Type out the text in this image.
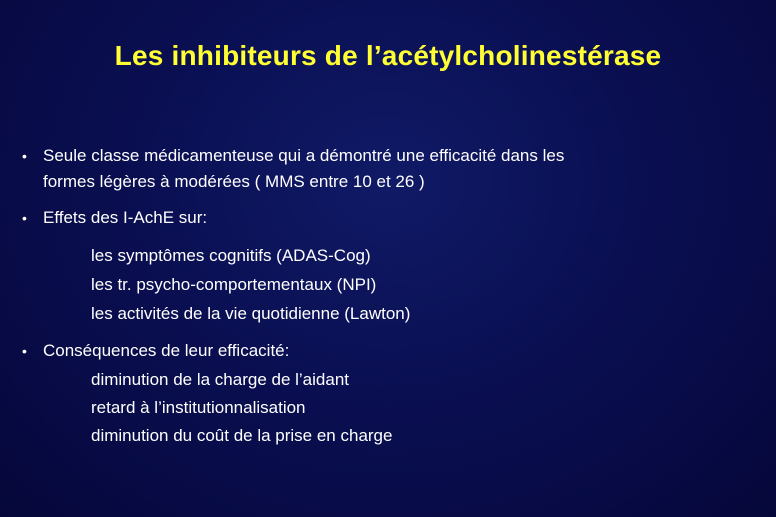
Les inhibiteurs de l’acétylcholinestérase
• Seule classe médicamenteuse qui a démontré une efficacité dans les
formes légères à modérées ( MMS entre 10 et 26 )
• Effets des I-AchE sur:
les symptômes cognitifs (ADAS-Cog)
les tr. psycho-comportementaux (NPI)
les activités de la vie quotidienne (Lawton)
• Conséquences de leur efficacité:
diminution de la charge de l’aidant
retard à l’institutionnalisation
diminution du coût de la prise en charge
